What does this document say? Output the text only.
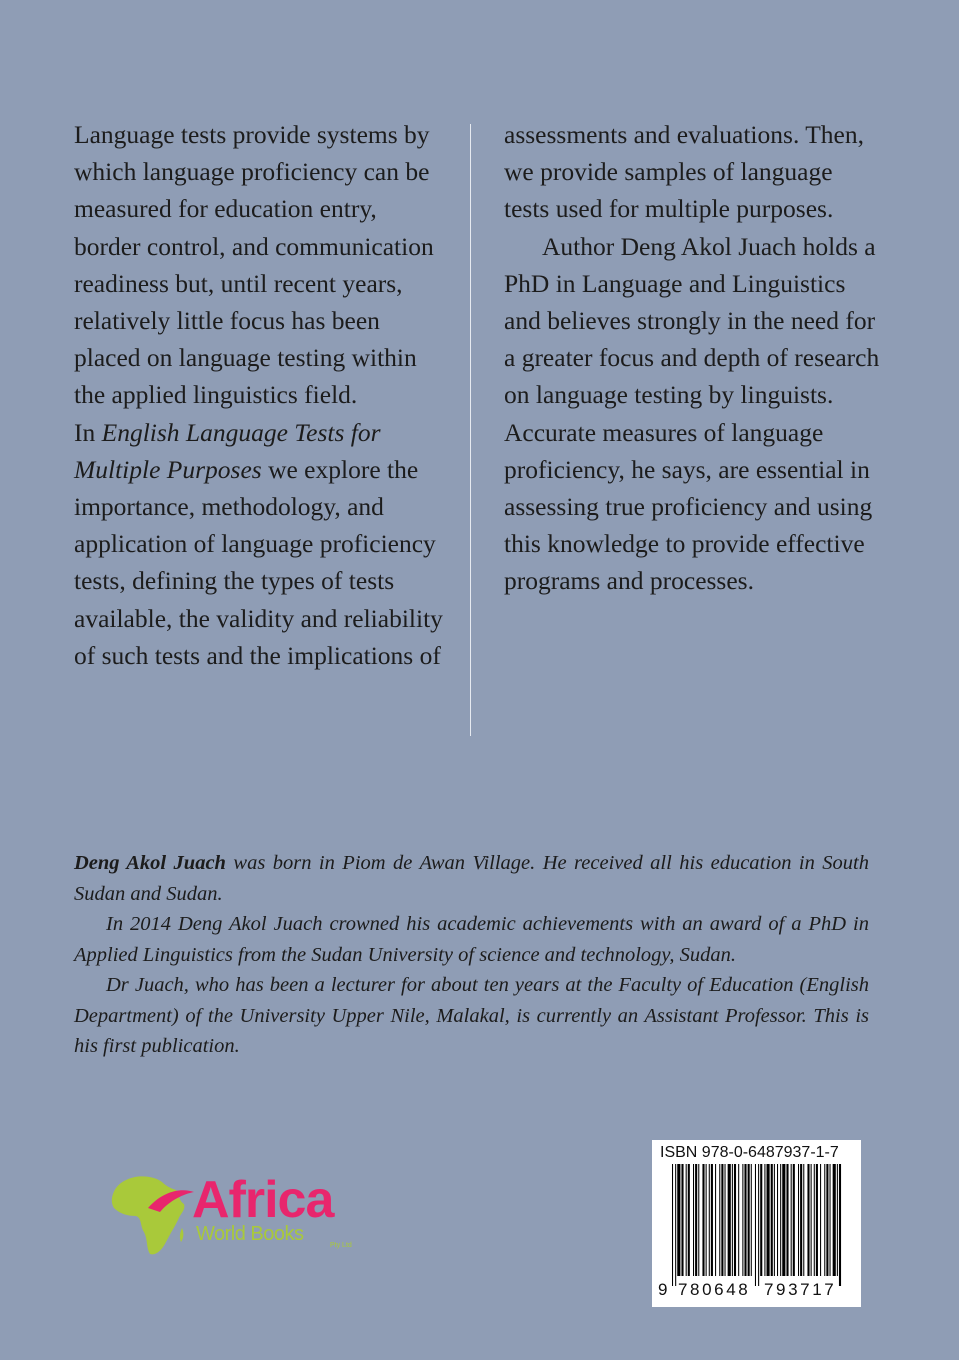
Language tests provide systems by which language proficiency can be measured for education entry, border control, and communication readiness but, until recent years, relatively little focus has been placed on language testing within the applied linguistics field.

In English Language Tests for Multiple Purposes we explore the importance, methodology, and application of language proficiency tests, defining the types of tests available, the validity and reliability of such tests and the implications of

assessments and evaluations. Then, we provide samples of language tests used for multiple purposes.

Author Deng Akol Juach holds a PhD in Language and Linguistics and believes strongly in the need for a greater focus and depth of research on language testing by linguists. Accurate measures of language proficiency, he says, are essential in assessing true proficiency and using this knowledge to provide effective programs and processes.

Deng Akol Juach was born in Piom de Awan Village. He received all his education in South Sudan and Sudan.

In 2014 Deng Akol Juach crowned his academic achievements with an award of a PhD in Applied Linguistics from the Sudan University of science and technology, Sudan.

Dr Juach, who has been a lecturer for about ten years at the Faculty of Education (English Department) of the University Upper Nile, Malakal, is currently an Assistant Professor. This is his first publication.

Africa
World Books
Pty Ltd
ISBN 978-0-6487937-1-7
9 780648 793717
